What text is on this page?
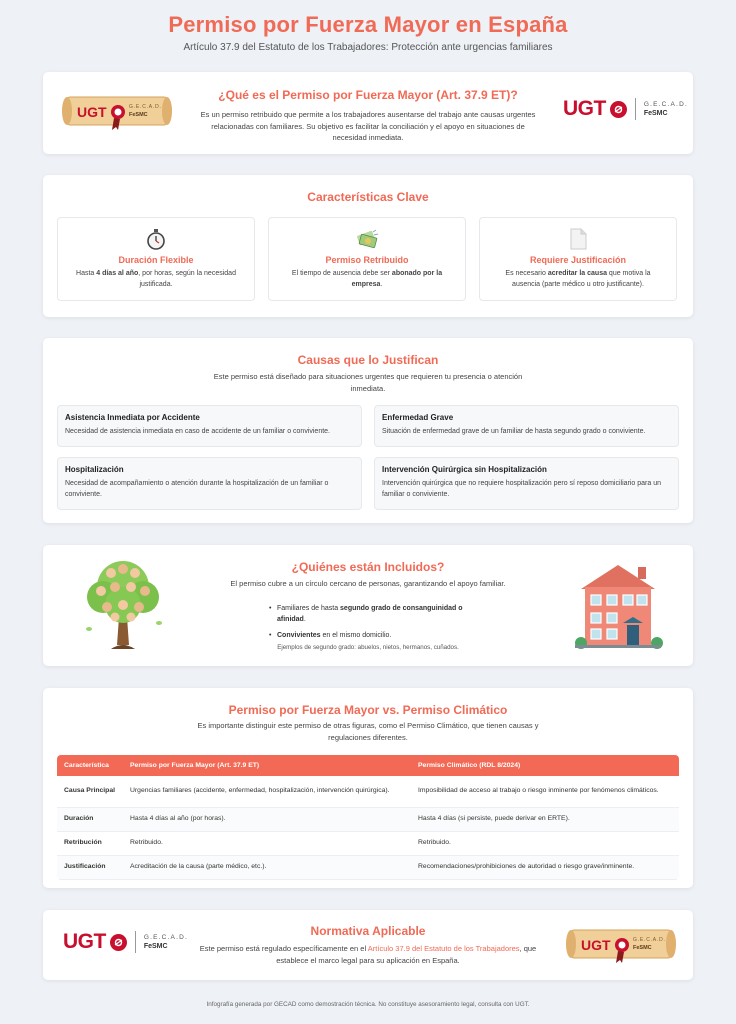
Permiso por Fuerza Mayor en España

Artículo 37.9 del Estatuto de los Trabajadores: Protección ante urgencias familiares

UGT	G.E.C.A.D.
FeSMC
¿Qué es el Permiso por Fuerza Mayor (Art. 37.9 ET)?

Es un permiso retribuido que permite a los trabajadores ausentarse del trabajo ante causas urgentes relacionadas con familiares. Su objetivo es facilitar la conciliación y el apoyo en situaciones de necesidad inmediata.

UGT	G.E.C.A.D.
FeSMC
Características Clave
Duración Flexible
Hasta 4 días al año, por horas, según la necesidad justificada.
Permiso Retribuido
El tiempo de ausencia debe ser abonado por la empresa.
Requiere Justificación
Es necesario acreditar la causa que motiva la ausencia (parte médico u otro justificante).
Causas que lo Justifican

Este permiso está diseñado para situaciones urgentes que requieren tu presencia o atención inmediata.

Asistencia Inmediata por Accidente
Necesidad de asistencia inmediata en caso de accidente de un familiar o conviviente.
Enfermedad Grave
Situación de enfermedad grave de un familiar de hasta segundo grado o conviviente.
Hospitalización
Necesidad de acompañamiento o atención durante la hospitalización de un familiar o conviviente.
Intervención Quirúrgica sin Hospitalización
Intervención quirúrgica que no requiere hospitalización pero sí reposo domiciliario para un familiar o conviviente.
¿Quiénes están Incluidos?

El permiso cubre a un círculo cercano de personas, garantizando el apoyo familiar.

• Familiares de hasta segundo grado de consanguinidad o afinidad.
• Convivientes en el mismo domicilio.

Ejemplos de segundo grado: abuelos, nietos, hermanos, cuñados.

Permiso por Fuerza Mayor vs. Permiso Climático

Es importante distinguir este permiso de otras figuras, como el Permiso Climático, que tienen causas y regulaciones diferentes.

Característica	Permiso por Fuerza Mayor (Art. 37.9 ET)	Permiso Climático (RDL 8/2024)
Causa Principal	Urgencias familiares (accidente, enfermedad, hospitalización, intervención quirúrgica).	Imposibilidad de acceso al trabajo o riesgo inminente por fenómenos climáticos.
Duración	Hasta 4 días al año (por horas).	Hasta 4 días (si persiste, puede derivar en ERTE).
Retribución	Retribuido.	Retribuido.
Justificación	Acreditación de la causa (parte médico, etc.).	Recomendaciones/prohibiciones de autoridad o riesgo grave/inminente.
UGT	G.E.C.A.D.
FeSMC
Normativa Aplicable

Este permiso está regulado específicamente en el Artículo 37.9 del Estatuto de los Trabajadores, que establece el marco legal para su aplicación en España.

UGT	G.E.C.A.D.
FeSMC
Infografía generada por GECAD como demostración técnica. No constituye asesoramiento legal, consulta con UGT.
